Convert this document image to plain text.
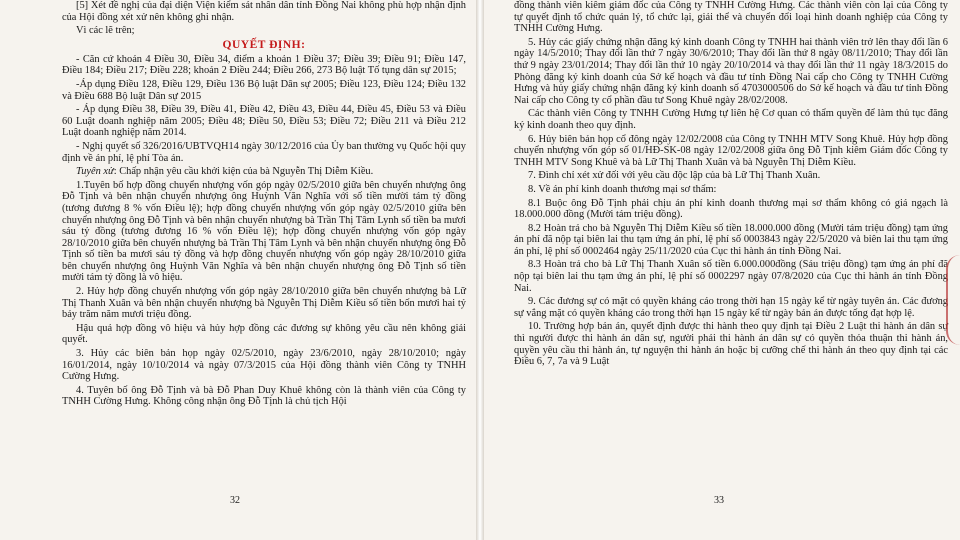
[5] Xét đề nghị của đại diện Viện kiểm sát nhân dân tỉnh Đồng Nai không phù hợp nhận định của Hội đồng xét xử nên không ghi nhận.

Vì các lẽ trên;

QUYẾT ĐỊNH:

- Căn cứ khoản 4 Điều 30, Điều 34, điểm a khoản 1 Điều 37; Điều 39; Điều 91; Điều 147, Điều 184; Điều 217; Điều 228; khoản 2 Điều 244; Điều 266, 273 Bộ luật Tố tụng dân sự 2015;

-Áp dụng Điều 128, Điều 129, Điều 136 Bộ luật Dân sự 2005; Điều 123, Điều 124; Điều 132 và Điều 688 Bộ luật Dân sự 2015

- Áp dụng Điều 38, Điều 39, Điều 41, Điều 42, Điều 43, Điều 44, Điều 45, Điều 53 và Điều 60 Luật doanh nghiệp năm 2005; Điều 48; Điều 50, Điều 53; Điều 72; Điều 211 và Điều 212 Luật doanh nghiệp năm 2014.

- Nghị quyết số 326/2016/UBTVQH14 ngày 30/12/2016 của Ủy ban thường vụ Quốc hội quy định về án phí, lệ phí Tòa án.

Tuyên xử: Chấp nhận yêu cầu khởi kiện của bà Nguyễn Thị Diễm Kiều.

1.Tuyên bố hợp đồng chuyển nhượng vốn góp ngày 02/5/2010 giữa bên chuyển nhượng ông Đỗ Tịnh và bên nhận chuyển nhượng ông Huỳnh Văn Nghĩa với số tiền mười tám tỷ đồng (tương đương 8 % vốn Điều lệ); hợp đồng chuyển nhượng vốn góp ngày 02/5/2010 giữa bên chuyển nhượng ông Đỗ Tịnh và bên nhận chuyển nhượng bà Trần Thị Tâm Lynh số tiền ba mươi sáu tỷ đồng (tương đương 16 % vốn Điều lệ); hợp đồng chuyển nhượng vốn góp ngày 28/10/2010 giữa bên chuyển nhượng bà Trần Thị Tâm Lynh và bên nhận chuyển nhượng ông Đỗ Tịnh số tiền ba mươi sáu tỷ đồng và hợp đồng chuyển nhượng vốn góp ngày 28/10/2010 giữa bên chuyển nhượng ông Huỳnh Văn Nghĩa và bên nhận chuyển nhượng ông Đỗ Tịnh số tiền mười tám tỷ đồng là vô hiệu.

2. Hủy hợp đồng chuyển nhượng vốn góp ngày 28/10/2010 giữa bên chuyển nhượng bà Lữ Thị Thanh Xuân và bên nhận chuyển nhượng bà Nguyễn Thị Diễm Kiều số tiền bốn mươi hai tỷ bảy trăm năm mươi triệu đồng.

Hậu quả hợp đồng vô hiệu và hủy hợp đồng các đương sự không yêu cầu nên không giải quyết.

3. Hủy các biên bản họp ngày 02/5/2010, ngày 23/6/2010, ngày 28/10/2010; ngày 16/01/2014, ngày 10/10/2014 và ngày 07/3/2015 của Hội đồng thành viên Công ty TNHH Cường Hưng.

4. Tuyên bố ông Đỗ Tịnh và bà Đỗ Phan Duy Khuê không còn là thành viên của Công ty TNHH Cường Hưng. Không công nhận ông Đỗ Tịnh là chủ tịch Hội

32

đồng thành viên kiêm giám đốc của Công ty TNHH Cường Hưng. Các thành viên còn lại của Công ty tự quyết định tổ chức quản lý, tổ chức lại, giải thể và chuyển đổi loại hình doanh nghiệp của Công ty TNHH Cường Hưng.

5. Hủy các giấy chứng nhận đăng ký kinh doanh Công ty TNHH hai thành viên trở lên thay đổi lần 6 ngày 14/5/2010; Thay đổi lần thứ 7 ngày 30/6/2010; Thay đổi lần thứ 8 ngày 08/11/2010; Thay đổi lần thứ 9 ngày 23/01/2014; Thay đổi lần thứ 10 ngày 20/10/2014 và thay đổi lần thứ 11 ngày 18/3/2015 do Phòng đăng ký kinh doanh của Sở kế hoạch và đầu tư tỉnh Đồng Nai cấp cho Công ty TNHH Cường Hưng và hủy giấy chứng nhận đăng ký kinh doanh số 4703000506 do Sở kế hoạch và đầu tư tỉnh Đồng Nai cấp cho Công ty cổ phần đầu tư Song Khuê ngày 28/02/2008.

Các thành viên Công ty TNHH Cường Hưng tự liên hệ Cơ quan có thẩm quyền để làm thủ tục đăng ký kinh doanh theo quy định.

6. Hủy biên bản họp cổ đông ngày 12/02/2008 của Công ty TNHH MTV Song Khuê. Hủy hợp đồng chuyển nhượng vốn góp số 01/HĐ-SK-08 ngày 12/02/2008 giữa ông Đỗ Tịnh kiêm Giám đốc Công ty TNHH MTV Song Khuê và bà Lữ Thị Thanh Xuân và bà Nguyễn Thị Diễm Kiều.

7. Đình chỉ xét xử đối với yêu cầu độc lập của bà Lữ Thị Thanh Xuân.

8. Về án phí kinh doanh thương mại sơ thẩm:

8.1 Buộc ông Đỗ Tịnh phải chịu án phí kinh doanh thương mại sơ thẩm không có giá ngạch là 18.000.000 đồng (Mười tám triệu đồng).

8.2 Hoàn trả cho bà Nguyễn Thị Diễm Kiều số tiền 18.000.000 đồng (Mười tám triệu đồng) tạm ứng án phí đã nộp tại biên lai thu tạm ứng án phí, lệ phí số 0003843 ngày 22/5/2020 và biên lai thu tạm ứng án phí, lệ phí số 0002464 ngày 25/11/2020 của Cục thi hành án tỉnh Đồng Nai.

8.3 Hoàn trả cho bà Lữ Thị Thanh Xuân số tiền 6.000.000đồng (Sáu triệu đồng) tạm ứng án phí đã nộp tại biên lai thu tạm ứng án phí, lệ phí số 0002297 ngày 07/8/2020 của Cục thi hành án tỉnh Đồng Nai.

9. Các đương sự có mặt có quyền kháng cáo trong thời hạn 15 ngày kể từ ngày tuyên án. Các đương sự vắng mặt có quyền kháng cáo trong thời hạn 15 ngày kể từ ngày bản án được tống đạt hợp lệ.

10. Trường hợp bản án, quyết định được thi hành theo quy định tại Điều 2 Luật thi hành án dân sự thì người được thi hành án dân sự, người phải thi hành án dân sự có quyền thỏa thuận thi hành án, quyền yêu cầu thi hành án, tự nguyện thi hành án hoặc bị cưỡng chế thi hành án theo quy định tại các Điều 6, 7, 7a và 9 Luật

33
